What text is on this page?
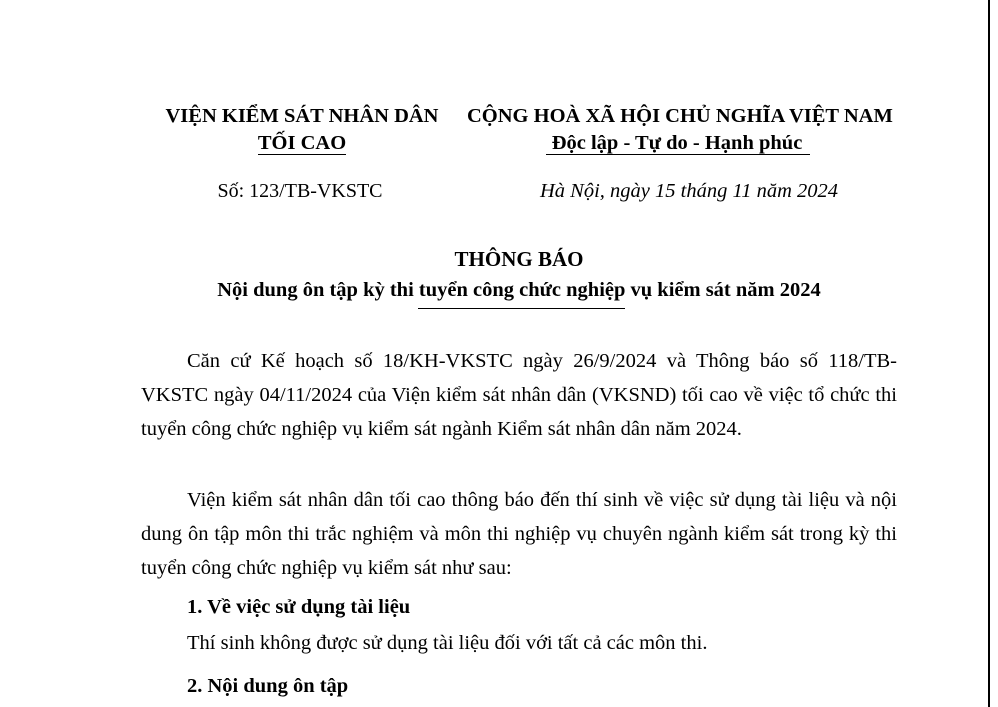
VIỆN KIỂM SÁT NHÂN DÂN
TỐI CAO
CỘNG HOÀ XÃ HỘI CHỦ NGHĨA VIỆT NAM
Độc lập - Tự do - Hạnh phúc
Số: 123/TB-VKSTC	Hà Nội, ngày 15 tháng 11 năm 2024
THÔNG BÁO
Nội dung ôn tập kỳ thi tuyển công chức nghiệp vụ kiểm sát năm 2024
Căn cứ Kế hoạch số 18/KH-VKSTC ngày 26/9/2024 và Thông báo số 118/TB-VKSTC ngày 04/11/2024 của Viện kiểm sát nhân dân (VKSND) tối cao về việc tổ chức thi tuyển công chức nghiệp vụ kiểm sát ngành Kiểm sát nhân dân năm 2024.
Viện kiểm sát nhân dân tối cao thông báo đến thí sinh về việc sử dụng tài liệu và nội dung ôn tập môn thi trắc nghiệm và môn thi nghiệp vụ chuyên ngành kiểm sát trong kỳ thi tuyển công chức nghiệp vụ kiểm sát như sau:
1. Về việc sử dụng tài liệu
Thí sinh không được sử dụng tài liệu đối với tất cả các môn thi.
2. Nội dung ôn tập
